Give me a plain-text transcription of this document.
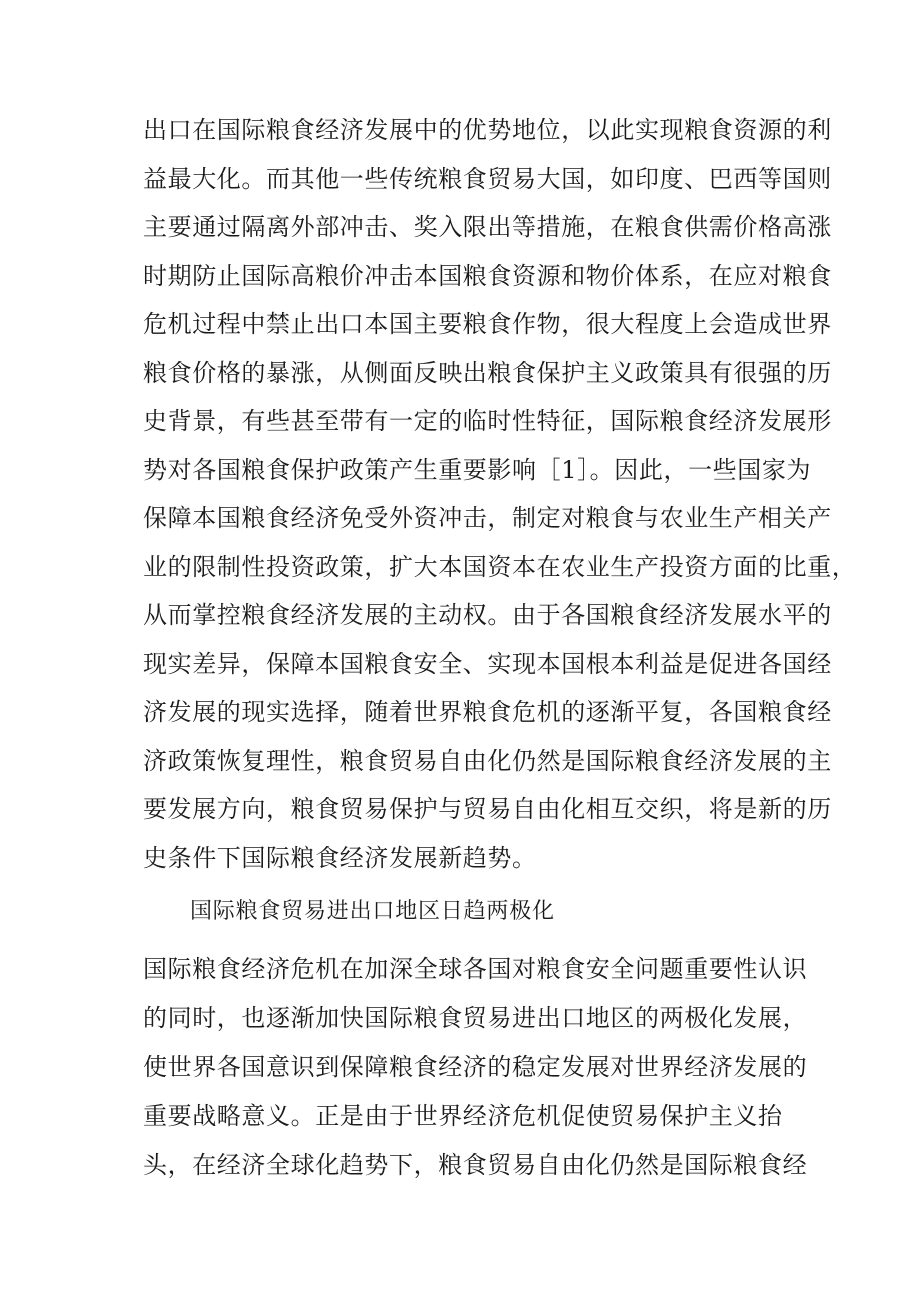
出口在国际粮食经济发展中的优势地位，以此实现粮食资源的利
益最大化。而其他一些传统粮食贸易大国，如印度、巴西等国则
主要通过隔离外部冲击、奖入限出等措施，在粮食供需价格高涨
时期防止国际高粮价冲击本国粮食资源和物价体系，在应对粮食
危机过程中禁止出口本国主要粮食作物，很大程度上会造成世界
粮食价格的暴涨，从侧面反映出粮食保护主义政策具有很强的历
史背景，有些甚至带有一定的临时性特征，国际粮食经济发展形
势对各国粮食保护政策产生重要影响［1］。因此，一些国家为
保障本国粮食经济免受外资冲击，制定对粮食与农业生产相关产
业的限制性投资政策，扩大本国资本在农业生产投资方面的比重，
从而掌控粮食经济发展的主动权。由于各国粮食经济发展水平的
现实差异，保障本国粮食安全、实现本国根本利益是促进各国经
济发展的现实选择，随着世界粮食危机的逐渐平复，各国粮食经
济政策恢复理性，粮食贸易自由化仍然是国际粮食经济发展的主
要发展方向，粮食贸易保护与贸易自由化相互交织，将是新的历
史条件下国际粮食经济发展新趋势。
国际粮食贸易进出口地区日趋两极化
国际粮食经济危机在加深全球各国对粮食安全问题重要性认识
的同时，也逐渐加快国际粮食贸易进出口地区的两极化发展，
使世界各国意识到保障粮食经济的稳定发展对世界经济发展的
重要战略意义。正是由于世界经济危机促使贸易保护主义抬
头，在经济全球化趋势下，粮食贸易自由化仍然是国际粮食经
